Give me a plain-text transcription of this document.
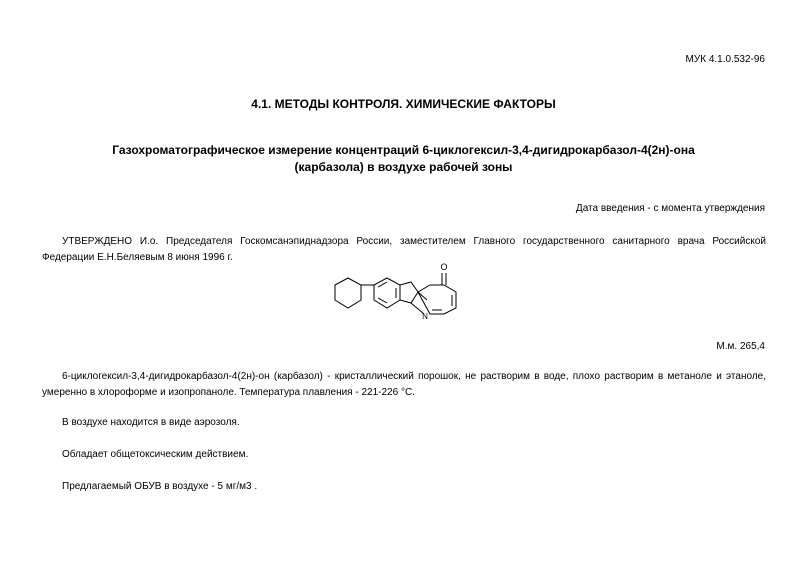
МУК 4.1.0.532-96
4.1. МЕТОДЫ КОНТРОЛЯ. ХИМИЧЕСКИЕ ФАКТОРЫ
Газохроматографическое измерение концентраций 6-циклогексил-3,4-дигидрокарбазол-4(2н)-она
(карбазола) в воздухе рабочей зоны
Дата введения - с момента утверждения
УТВЕРЖДЕНО И.о. Председателя Госкомсанэпиднадзора России, заместителем Главного государственного санитарного врача Российской Федерации Е.Н.Беляевым 8 июня 1996 г.
O
N
М.м. 265,4
6-циклогексил-3,4-дигидрокарбазол-4(2н)-он (карбазол) - кристаллический порошок, не растворим в воде, плохо растворим в метаноле и этаноле, умеренно в хлороформе и изопропаноле. Температура плавления - 221-226 °С.
В воздухе находится в виде аэрозоля.
Обладает общетоксическим действием.
Предлагаемый ОБУВ в воздухе - 5 мг/м3 .
